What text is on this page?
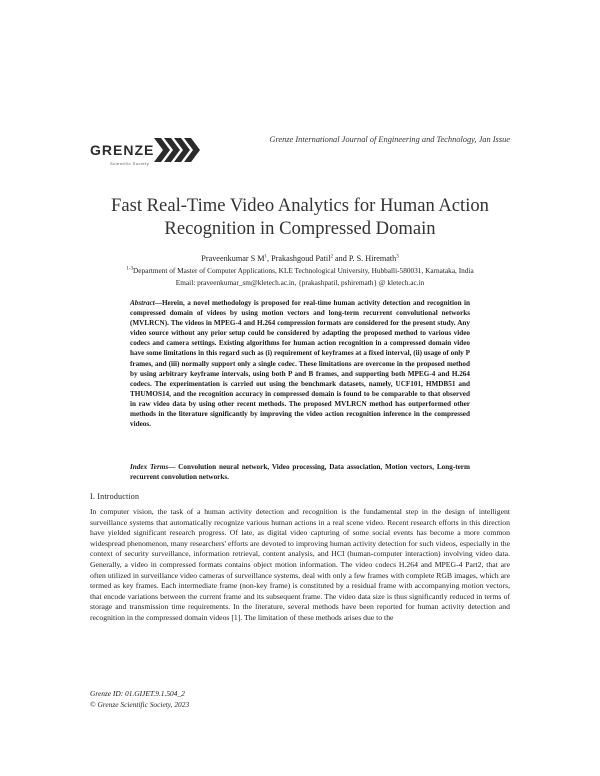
GRENZE
Scientific Society
Grenze International Journal of Engineering and Technology, Jan Issue
Fast Real-Time Video Analytics for Human Action
Recognition in Compressed Domain
Praveenkumar S $M^1$, Prakashgoud Patil$^2$ and P. S. Hiremath$^3$
$^{1-3}$Department of Master of Computer Applications, KLE Technological University, Hubballi-580031, Karnataka, India
Email: praveenkumar_sm@kletech.ac.in, {prakashpatil, pshiremath} @ kletech.ac.in
Abstract—Herein, a novel methodology is proposed for real-time human activity detection and recognition in compressed domain of videos by using motion vectors and long-term recurrent convolutional networks (MVLRCN). The videos in MPEG-4 and H.264 compression formats are considered for the present study. Any video source without any prior setup could be considered by adapting the proposed method to various video codecs and camera settings. Existing algorithms for human action recognition in a compressed domain video have some limitations in this regard such as (i) requirement of keyframes at a fixed interval, (ii) usage of only P frames, and (iii) normally support only a single codec. These limitations are overcome in the proposed method by using arbitrary keyframe intervals, using both P and B frames, and supporting both MPEG-4 and H.264 codecs. The experimentation is carried out using the benchmark datasets, namely, UCF101, HMDB51 and THUMOS14, and the recognition accuracy in compressed domain is found to be comparable to that observed in raw video data by using other recent methods. The proposed MVLRCN method has outperformed other methods in the literature significantly by improving the video action recognition inference in the compressed videos.
Index Terms— Convolution neural network, Video processing, Data association, Motion vectors, Long-term recurrent convolution networks.
I. Introduction
In computer vision, the task of a human activity detection and recognition is the fundamental step in the design of intelligent surveillance systems that automatically recognize various human actions in a real scene video. Recent research efforts in this direction have yielded significant research progress. Of late, as digital video capturing of some social events has become a more common widespread phenomenon, many researchers' efforts are devoted to improving human activity detection for such videos, especially in the context of security surveillance, information retrieval, content analysis, and HCI (human-computer interaction) involving video data. Generally, a video in compressed formats contains object motion information. The video codecs H.264 and MPEG-4 Part2, that are often utilized in surveillance video cameras of surveillance systems, deal with only a few frames with complete RGB images, which are termed as key frames. Each intermediate frame (non-key frame) is constituted by a residual frame with accompanying motion vectors, that encode variations between the current frame and its subsequent frame. The video data size is thus significantly reduced in terms of storage and transmission time requirements. In the literature, several methods have been reported for human activity detection and recognition in the compressed domain videos [1]. The limitation of these methods arises due to the
Grenze ID: 01.GIJET.9.1.504_2
© Grenze Scientific Society, 2023
